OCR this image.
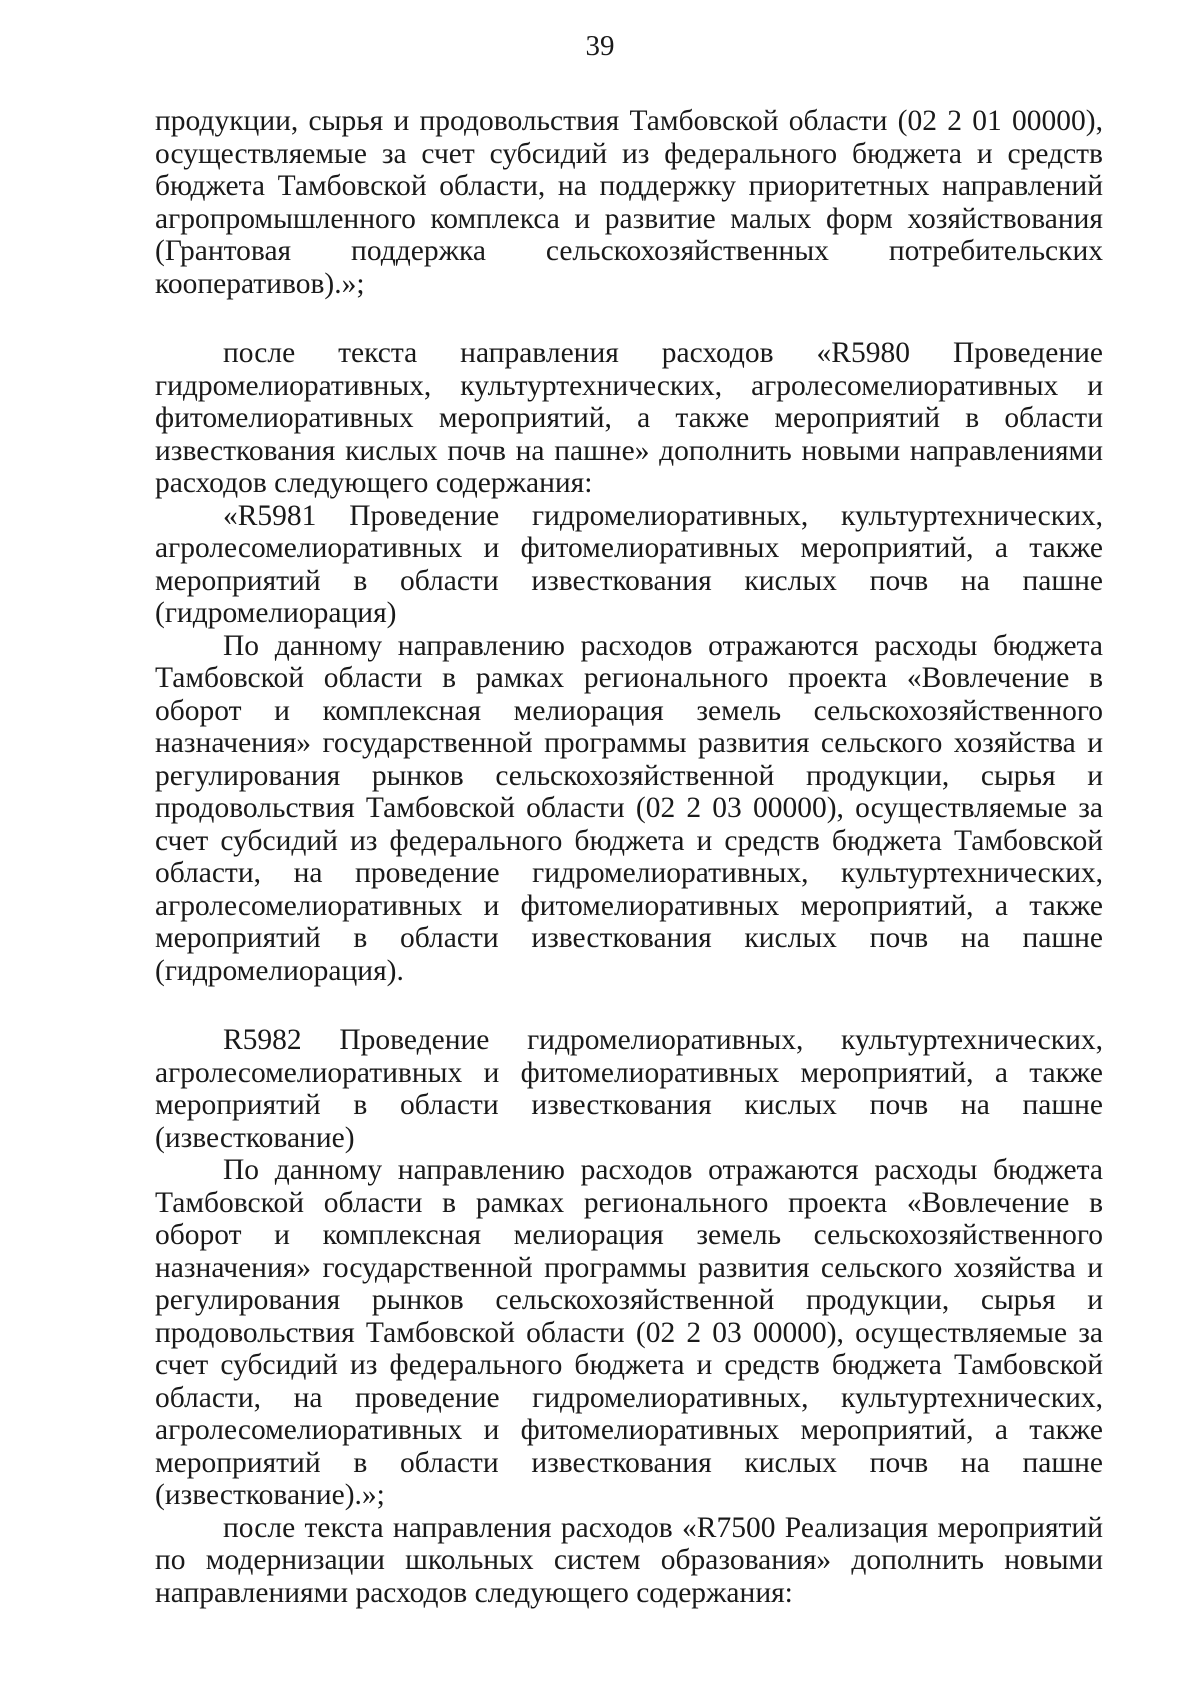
39

продукции, сырья и продовольствия Тамбовской области (02 2 01 00000), осуществляемые за счет субсидий из федерального бюджета и средств бюджета Тамбовской области, на поддержку приоритетных направлений агропромышленного комплекса и развитие малых форм хозяйствования (Грантовая поддержка сельскохозяйственных потребительских кооперативов).»;

после текста направления расходов «R5980 Проведение гидромелиоративных, культуртехнических, агролесомелиоративных и фитомелиоративных мероприятий, а также мероприятий в области известкования кислых почв на пашне» дополнить новыми направлениями расходов следующего содержания:

«R5981 Проведение гидромелиоративных, культуртехнических, агролесомелиоративных и фитомелиоративных мероприятий, а также мероприятий в области известкования кислых почв на пашне (гидромелиорация)

По данному направлению расходов отражаются расходы бюджета Тамбовской области в рамках регионального проекта «Вовлечение в оборот и комплексная мелиорация земель сельскохозяйственного назначения» государственной программы развития сельского хозяйства и регулирования рынков сельскохозяйственной продукции, сырья и продовольствия Тамбовской области (02 2 03 00000), осуществляемые за счет субсидий из федерального бюджета и средств бюджета Тамбовской области, на проведение гидромелиоративных, культуртехнических, агролесомелиоративных и фитомелиоративных мероприятий, а также мероприятий в области известкования кислых почв на пашне (гидромелиорация).

R5982 Проведение гидромелиоративных, культуртехнических, агролесомелиоративных и фитомелиоративных мероприятий, а также мероприятий в области известкования кислых почв на пашне (известкование)

По данному направлению расходов отражаются расходы бюджета Тамбовской области в рамках регионального проекта «Вовлечение в оборот и комплексная мелиорация земель сельскохозяйственного назначения» государственной программы развития сельского хозяйства и регулирования рынков сельскохозяйственной продукции, сырья и продовольствия Тамбовской области (02 2 03 00000), осуществляемые за счет субсидий из федерального бюджета и средств бюджета Тамбовской области, на проведение гидромелиоративных, культуртехнических, агролесомелиоративных и фитомелиоративных мероприятий, а также мероприятий в области известкования кислых почв на пашне (известкование).»;

после текста направления расходов «R7500 Реализация мероприятий по модернизации школьных систем образования» дополнить новыми направлениями расходов следующего содержания:
